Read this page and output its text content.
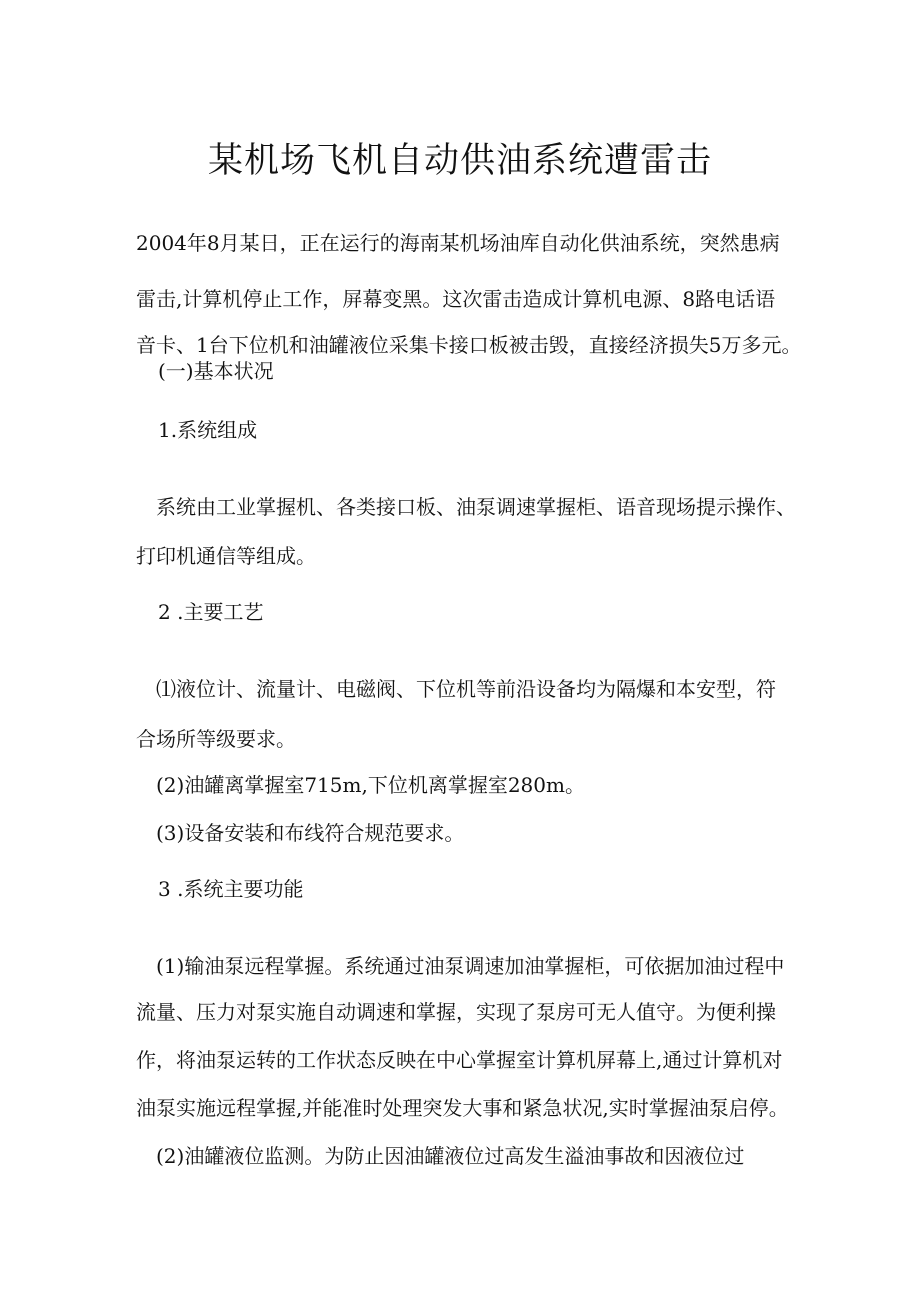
某机场飞机自动供油系统遭雷击
2004年8月某日，正在运行的海南某机场油库自动化供油系统，突然患病
雷击,计算机停止工作，屏幕变黑。这次雷击造成计算机电源、8路电话语
音卡、1台下位机和油罐液位采集卡接口板被击毁，直接经济损失5万多元。
(一)基本状况
1.系统组成
系统由工业掌握机、各类接口板、油泵调速掌握柜、语音现场提示操作、
打印机通信等组成。
2 .主要工艺
⑴液位计、流量计、电磁阀、下位机等前沿设备均为隔爆和本安型，符
合场所等级要求。
(2)油罐离掌握室715m,下位机离掌握室280m。
(3)设备安装和布线符合规范要求。
3 .系统主要功能
(1)输油泵远程掌握。系统通过油泵调速加油掌握柜，可依据加油过程中
流量、压力对泵实施自动调速和掌握，实现了泵房可无人值守。为便利操
作，将油泵运转的工作状态反映在中心掌握室计算机屏幕上,通过计算机对
油泵实施远程掌握,并能准时处理突发大事和紧急状况,实时掌握油泵启停。
(2)油罐液位监测。为防止因油罐液位过高发生溢油事故和因液位过
